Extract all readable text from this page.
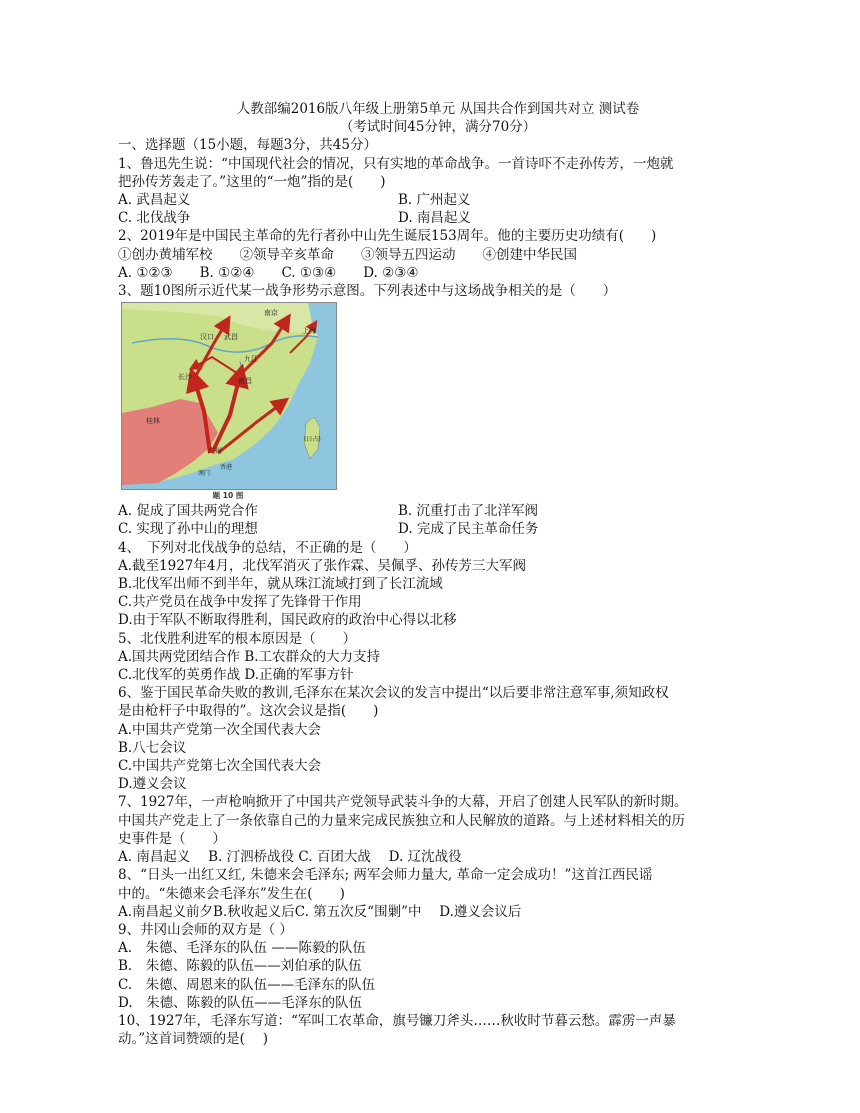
人教部编2016版八年级上册第5单元 从国共合作到国共对立 测试卷
（考试时间45分钟，满分70分）
一、选择题（15小题，每题3分，共45分）
1、鲁迅先生说：“中国现代社会的情况，只有实地的革命战争。一首诗吓不走孙传芳，一炮就
把孙传芳轰走了。”这里的“一炮”指的是(　　)
A. 武昌起义	B. 广州起义
C. 北伐战争	D. 南昌起义
2、2019年是中国民主革命的先行者孙中山先生诞辰153周年。他的主要历史功绩有(　　)
①创办黄埔军校　　②领导辛亥革命　　③领导五四运动　　④创建中华民国
A. ①②③　　B. ①②④　　C. ①③④　　D. ②③④
3、题10图所示近代某一战争形势示意图。下列表述中与这场战争相关的是（　　）
南京
上海
汉口 武昌
九江
长沙	南昌
桂林
广州
香港
澳门
(日占)
题 10 图
A. 促成了国共两党合作	B. 沉重打击了北洋军阀
C. 实现了孙中山的理想	D. 完成了民主革命任务
4、　下列对北伐战争的总结，不正确的是（　　）
A.截至1927年4月，北伐军消灭了张作霖、吴佩孚、孙传芳三大军阀
B.北伐军出师不到半年，就从珠江流域打到了长江流域
C.共产党员在战争中发挥了先锋骨干作用
D.由于军队不断取得胜利，国民政府的政治中心得以北移
5、北伐胜利进军的根本原因是（　　）
A.国共两党团结合作 B.工农群众的大力支持
C.北伐军的英勇作战 D.正确的军事方针
6、鉴于国民革命失败的教训,毛泽东在某次会议的发言中提出“以后要非常注意军事,须知政权
是由枪杆子中取得的”。这次会议是指(　　)
A.中国共产党第一次全国代表大会
B.八七会议
C.中国共产党第七次全国代表大会
D.遵义会议
7、1927年，一声枪响掀开了中国共产党领导武装斗争的大幕，开启了创建人民军队的新时期。
中国共产党走上了一条依靠自己的力量来完成民族独立和人民解放的道路。与上述材料相关的历
史事件是（　　）
A. 南昌起义　 B. 汀泗桥战役 C. 百团大战　 D. 辽沈战役
8、“日头一出红又红, 朱德来会毛泽东; 两军会师力量大, 革命一定会成功！”这首江西民谣
中的。“朱德来会毛泽东”发生在(　　)
A.南昌起义前夕B.秋收起义后C. 第五次反“围剿”中　 D.遵义会议后
9、井冈山会师的双方是（ ）
A.　朱德、毛泽东的队伍 ——陈毅的队伍
B.　朱德、陈毅的队伍——刘伯承的队伍
C.　朱德、周恩来的队伍——毛泽东的队伍
D.　朱德、陈毅的队伍——毛泽东的队伍
10、1927年，毛泽东写道：“军叫工农革命，旗号镰刀斧头……秋收时节暮云愁。霹雳一声暴
动。”这首词赞颂的是(　 )
